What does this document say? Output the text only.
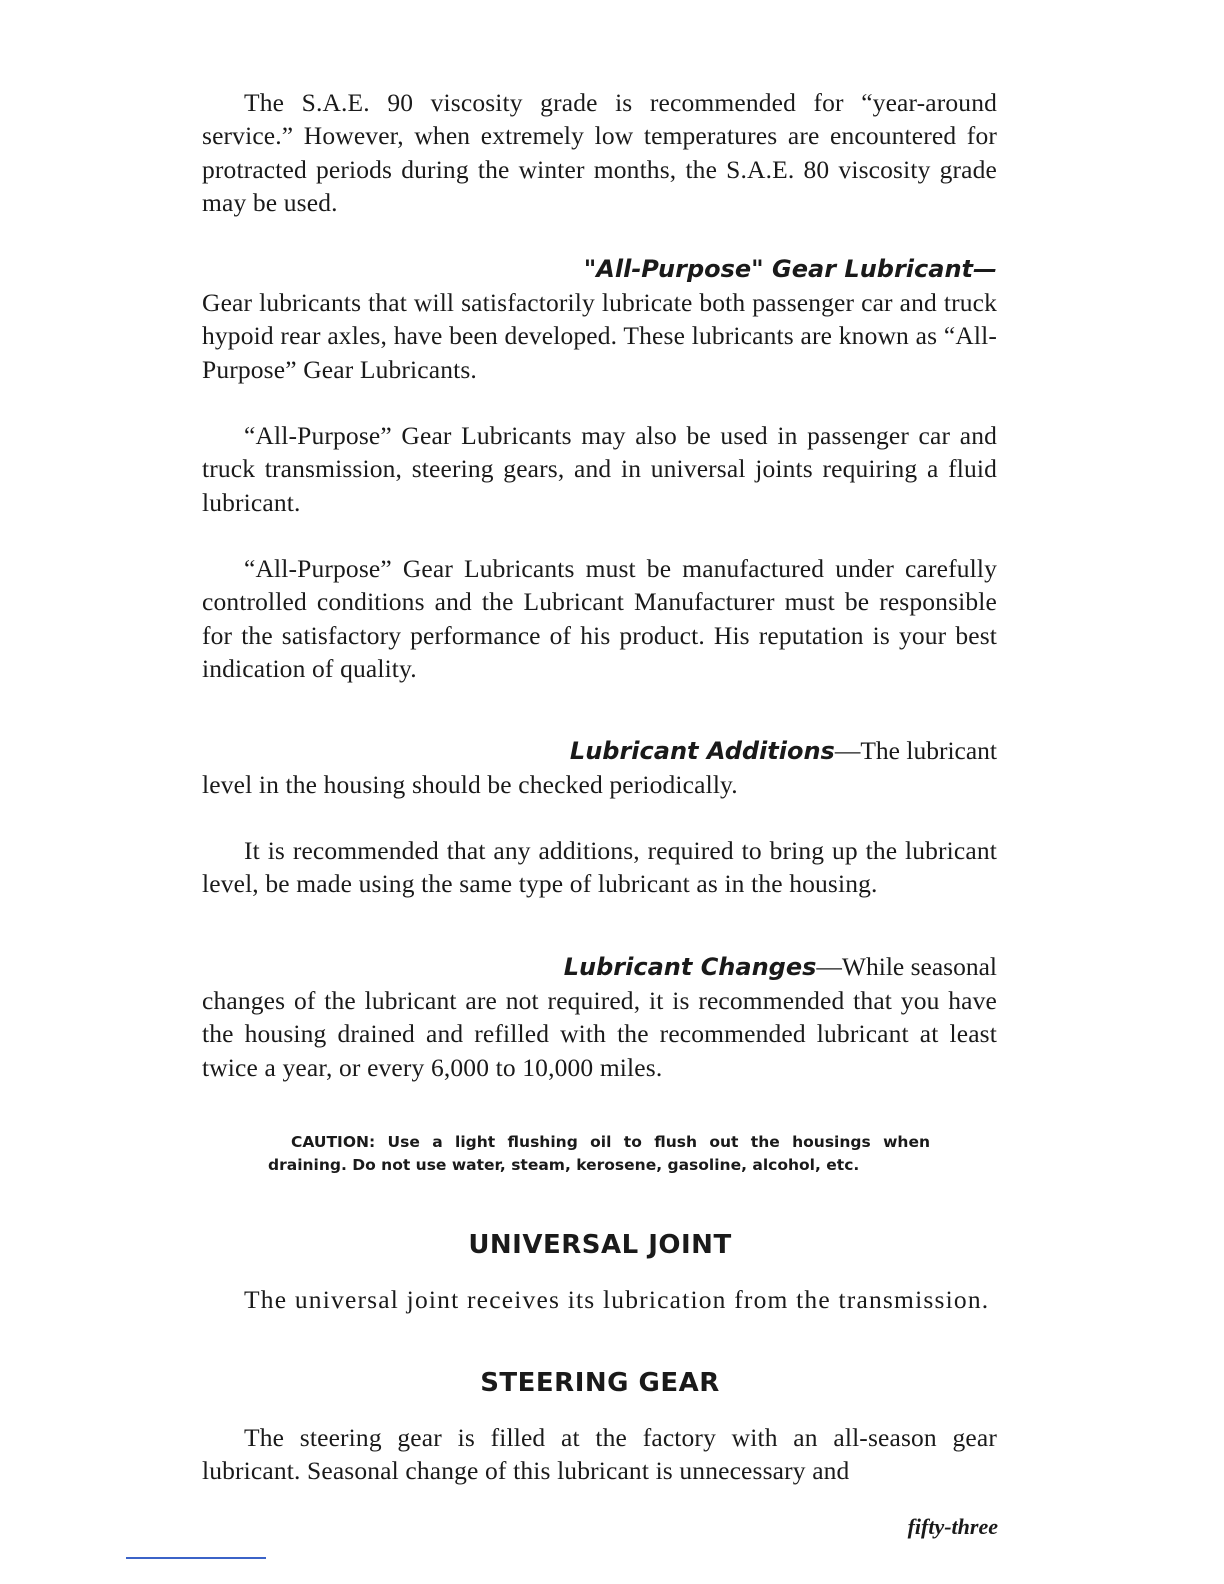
The S.A.E. 90 viscosity grade is recommended for “year-around service.” However, when extremely low temperatures are encountered for protracted periods during the winter months, the S.A.E. 80 viscosity grade may be used.

"All-Purpose" Gear Lubricant—

Gear lubricants that will satisfactorily lubricate both passenger car and truck hypoid rear axles, have been developed. These lubricants are known as “All-Purpose” Gear Lubricants.

“All-Purpose” Gear Lubricants may also be used in passenger car and truck transmission, steering gears, and in universal joints requiring a fluid lubricant.

“All-Purpose” Gear Lubricants must be manufactured under carefully controlled conditions and the Lubricant Manufacturer must be responsible for the satisfactory performance of his product. His reputation is your best indication of quality.

Lubricant Additions—The lubricant

level in the housing should be checked periodically.

It is recommended that any additions, required to bring up the lubricant level, be made using the same type of lubricant as in the housing.

Lubricant Changes—While seasonal

changes of the lubricant are not required, it is recommended that you have the housing drained and refilled with the recommended lubricant at least twice a year, or every 6,000 to 10,000 miles.

CAUTION: Use a light flushing oil to flush out the housings when draining. Do not use water, steam, kerosene, gasoline, alcohol, etc.

UNIVERSAL JOINT

The universal joint receives its lubrication from the transmission.

STEERING GEAR

The steering gear is filled at the factory with an all-season gear lubricant. Seasonal change of this lubricant is unnecessary and

fifty-three
